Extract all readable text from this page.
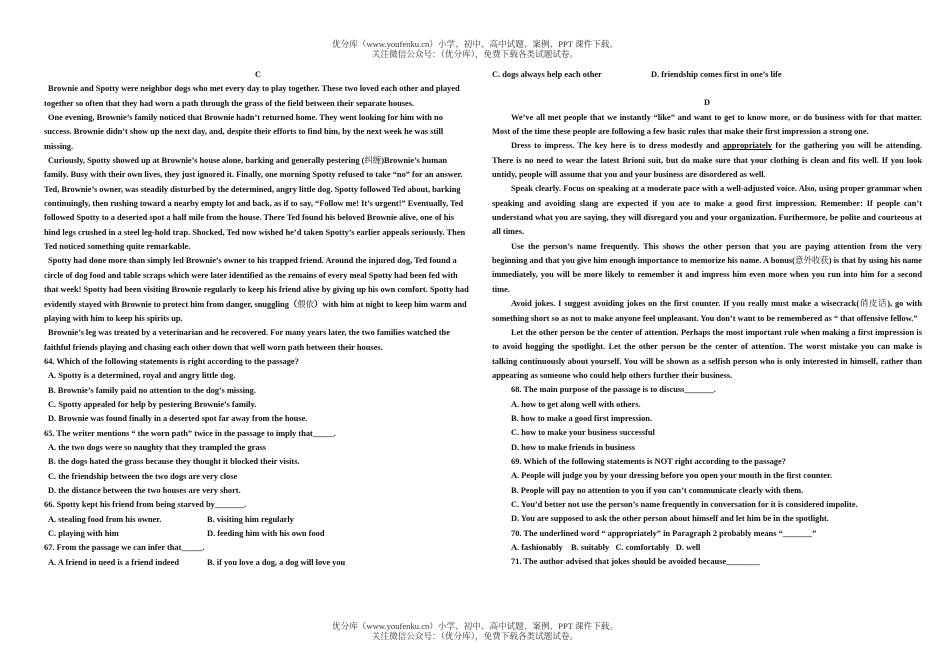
优分库（www.youfenku.cn）小学、初中、高中试题、案例、PPT 课件下载。
关注微信公众号：（优分库），免费下载各类试题试卷。

C

Brownie and Spotty were neighbor dogs who met every day to play together. These two loved each other and played together so often that they had worn a path through the grass of the field between their separate houses.

One evening, Brownie’s family noticed that Brownie hadn’t returned home. They went looking for him with no success. Brownie didn’t show up the next day, and, despite their efforts to find him, by the next week he was still missing.

Curiously, Spotty showed up at Brownie’s house alone, barking and generally pestering (纠缠)Brownie’s human family. Busy with their own lives, they just ignored it. Finally, one morning Spotty refused to take “no” for an answer. Ted, Brownie’s owner, was steadily disturbed by the determined, angry little dog. Spotty followed Ted about, barking continuingly, then rushing toward a nearby empty lot and back, as if to say, “Follow me! It’s urgent!” Eventually, Ted followed Spotty to a deserted spot a half mile from the house. There Ted found his beloved Brownie alive, one of his hind legs crushed in a steel leg-hold trap. Shocked, Ted now wished he’d taken Spotty’s earlier appeals seriously. Then Ted noticed something quite remarkable.

Spotty had done more than simply led Brownie’s owner to his trapped friend. Around the injured dog, Ted found a circle of dog food and table scraps which were later identified as the remains of every meal Spotty had been fed with that week! Spotty had been visiting Brownie regularly to keep his friend alive by giving up his own comfort. Spotty had evidently stayed with Brownie to protect him from danger, snuggling（偎依）with him at night to keep him warm and playing with him to keep his spirits up.

Brownie’s leg was treated by a veterinarian and he recovered. For many years later, the two families watched the faithful friends playing and chasing each other down that well worn path between their houses.

64. Which of the following statements is right according to the passage?

A. Spotty is a determined, royal and angry little dog.

B. Brownie’s family paid no attention to the dog’s missing.

C. Spotty appealed for help by pestering Brownie’s family.

D. Brownie was found finally in a deserted spot far away from the house.

65. The writer mentions “ the worn path” twice in the passage to imply that_____.

A. the two dogs were so naughty that they trampled the grass

B. the dogs hated the grass because they thought it blocked their visits.

C. the friendship between the two dogs are very close

D. the distance between the two houses are very short.

66. Spotty kept his friend from being starved by_______.

A. stealing food from his owner.	B. visiting him regularly
C. playing with him	D. feeding him with his own food

67. From the passage we can infer that_____.

A. A friend in need is a friend indeed	B. if you love a dog, a dog will love you
C. dogs always help each other	D. friendship comes first in one’s life

D

We’ve all met people that we instantly “like” and want to get to know more, or do business with for that matter. Most of the time these people are following a few basic rules that make their first impression a strong one.

Dress to impress. The key here is to dress modestly and appropriately for the gathering you will be attending. There is no need to wear the latest Brioni suit, but do make sure that your clothing is clean and fits well. If you look untidy, people will assume that you and your business are disordered as well.

Speak clearly. Focus on speaking at a moderate pace with a well-adjusted voice. Also, using proper grammar when speaking and avoiding slang are expected if you are to make a good first impression. Remember: If people can’t understand what you are saying, they will disregard you and your organization. Furthermore, be polite and courteous at all times.

Use the person’s name frequently. This shows the other person that you are paying attention from the very beginning and that you give him enough importance to memorize his name. A bonus(意外收获) is that by using his name immediately, you will be more likely to remember it and impress him even more when you run into him for a second time.

Avoid jokes. I suggest avoiding jokes on the first counter. If you really must make a wisecrack(俏皮话), go with something short so as not to make anyone feel unpleasant. You don’t want to be remembered as “ that offensive fellow.”

Let the other person be the center of attention. Perhaps the most important rule when making a first impression is to avoid hogging the spotlight. Let the other person be the center of attention. The worst mistake you can make is talking continuously about yourself. You will be shown as a selfish person who is only interested in himself, rather than appearing as someone who could help others further their business.

68. The main purpose of the passage is to discuss_______.

A. how to get along well with others.

B. how to make a good first impression.

C. how to make your business successful

D. how to make friends in business

69. Which of the following statements is NOT right according to the passage?

A. People will judge you by your dressing before you open your mouth in the first counter.

B. People will pay no attention to you if you can’t communicate clearly with them.

C. You’d better not use the person’s name frequently in conversation for it is considered impolite.

D. You are supposed to ask the other person about himself and let him be in the spotlight.

70. The underlined word “ appropriately” in Paragraph 2 probably means “_______”

A. fashionably    B. suitably   C. comfortably   D. well

71. The author advised that jokes should be avoided because________

优分库（www.youfenku.cn）小学、初中、高中试题、案例、PPT 课件下载。
关注微信公众号：（优分库），免费下载各类试题试卷。
